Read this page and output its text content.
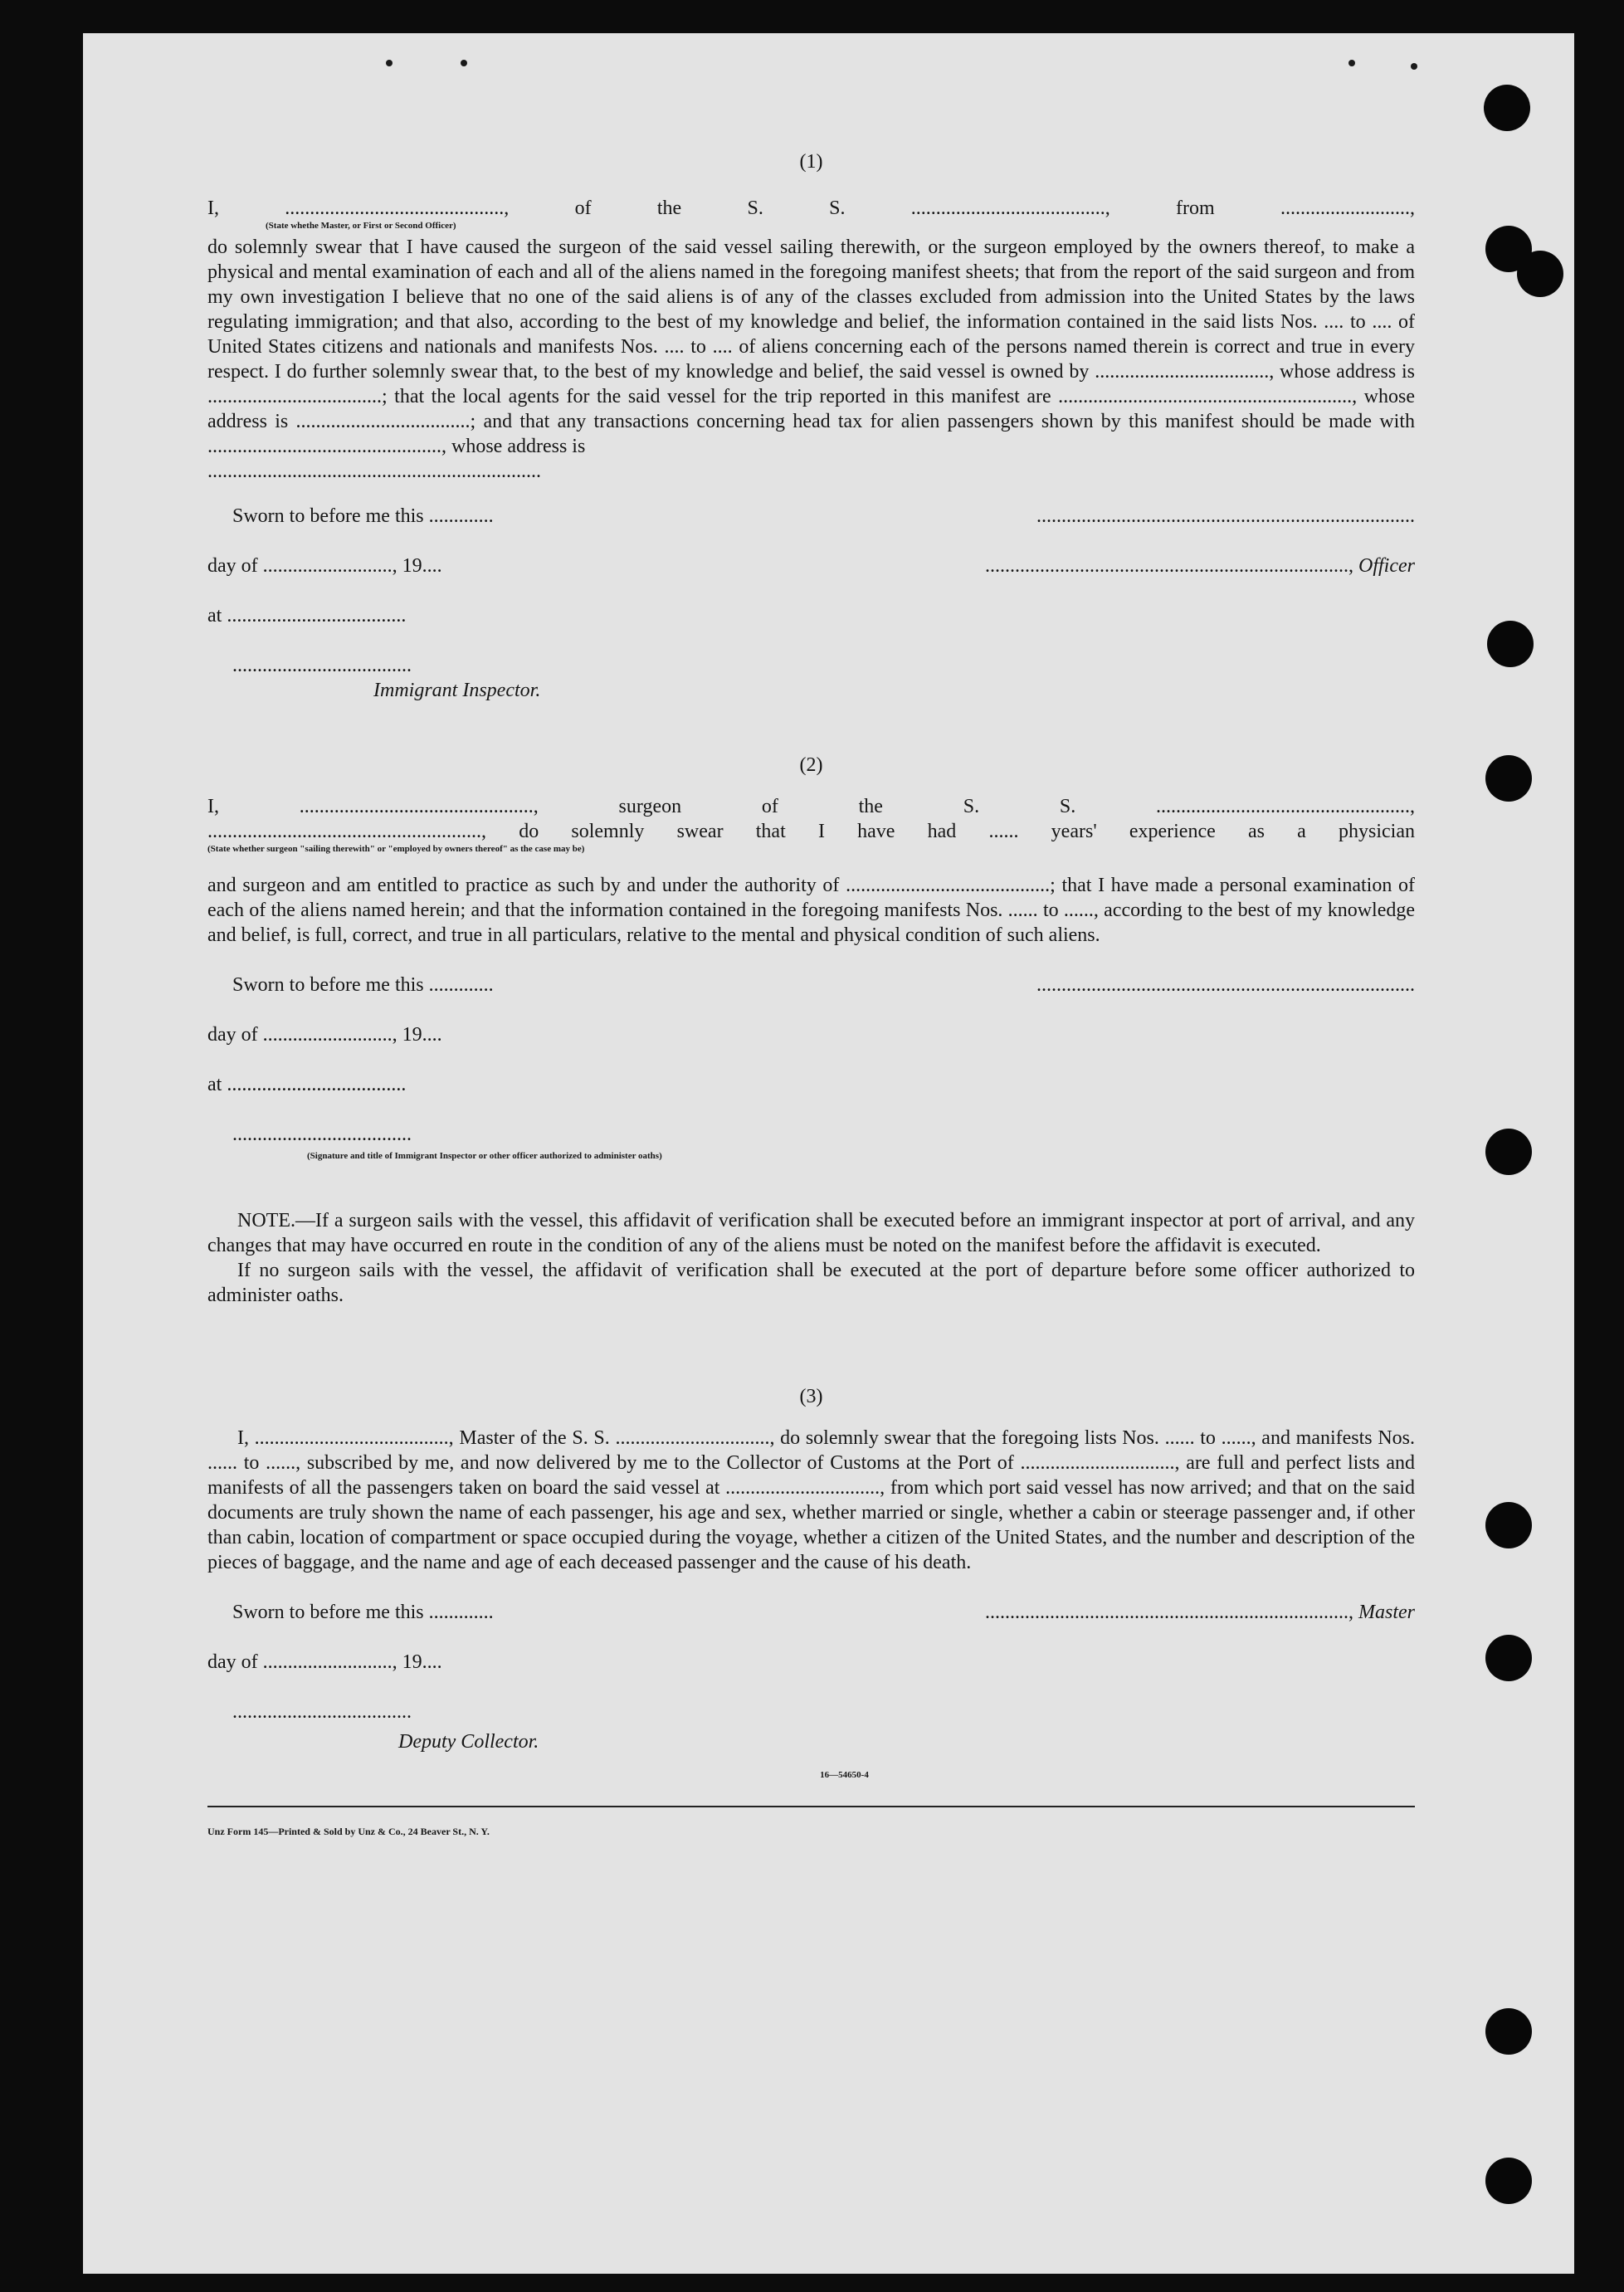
(1)

I, ............................................, of the S. S. ......................................., from ..........................,

(State whethe Master, or First or Second Officer)

do solemnly swear that I have caused the surgeon of the said vessel sailing therewith, or the surgeon employed by the owners thereof, to make a physical and mental examination of each and all of the aliens named in the foregoing manifest sheets; that from the report of the said surgeon and from my own investigation I believe that no one of the said aliens is of any of the classes excluded from admission into the United States by the laws regulating immigration; and that also, according to the best of my knowledge and belief, the information contained in the said lists Nos. .... to .... of United States citizens and nationals and manifests Nos. .... to .... of aliens concerning each of the persons named therein is correct and true in every respect. I do further solemnly swear that, to the best of my knowledge and belief, the said vessel is owned by ..................................., whose address is ...................................; that the local agents for the said vessel for the trip reported in this manifest are ..........................................................., whose address is ...................................; and that any transactions concerning head tax for alien passengers shown by this manifest should be made with ..............................................., whose address is

...................................................................

Sworn to before me this .............

day of .........................., 19....

at ....................................

....................................

Immigrant Inspector.

............................................................................

........................................................................., Officer

(2)

I, ..............................................., surgeon of the S. S. ...................................................,

......................................................., do solemnly swear that I have had ...... years' experience as a physician

(State whether surgeon "sailing therewith" or "employed by owners thereof" as the case may be)

and surgeon and am entitled to practice as such by and under the authority of .........................................; that I have made a personal examination of each of the aliens named herein; and that the information contained in the foregoing manifests Nos. ...... to ......, according to the best of my knowledge and belief, is full, correct, and true in all particulars, relative to the mental and physical condition of such aliens.

Sworn to before me this .............

day of .........................., 19....

at ....................................

....................................

(Signature and title of Immigrant Inspector or other officer authorized to administer oaths)

............................................................................

NOTE.—If a surgeon sails with the vessel, this affidavit of verification shall be executed before an immigrant inspector at port of arrival, and any changes that may have occurred en route in the condition of any of the aliens must be noted on the manifest before the affidavit is executed.

If no surgeon sails with the vessel, the affidavit of verification shall be executed at the port of departure before some officer authorized to administer oaths.

(3)

I, ......................................., Master of the S. S. ..............................., do solemnly swear that the foregoing lists Nos. ...... to ......, and manifests Nos. ...... to ......, subscribed by me, and now delivered by me to the Collector of Customs at the Port of ..............................., are full and perfect lists and manifests of all the passengers taken on board the said vessel at ..............................., from which port said vessel has now arrived; and that on the said documents are truly shown the name of each passenger, his age and sex, whether married or single, whether a cabin or steerage passenger and, if other than cabin, location of compartment or space occupied during the voyage, whether a citizen of the United States, and the number and description of the pieces of baggage, and the name and age of each deceased passenger and the cause of his death.

Sworn to before me this .............

day of .........................., 19....

....................................

Deputy Collector.

........................................................................., Master

16—54650-4

Unz Form 145—Printed & Sold by Unz & Co., 24 Beaver St., N. Y.
